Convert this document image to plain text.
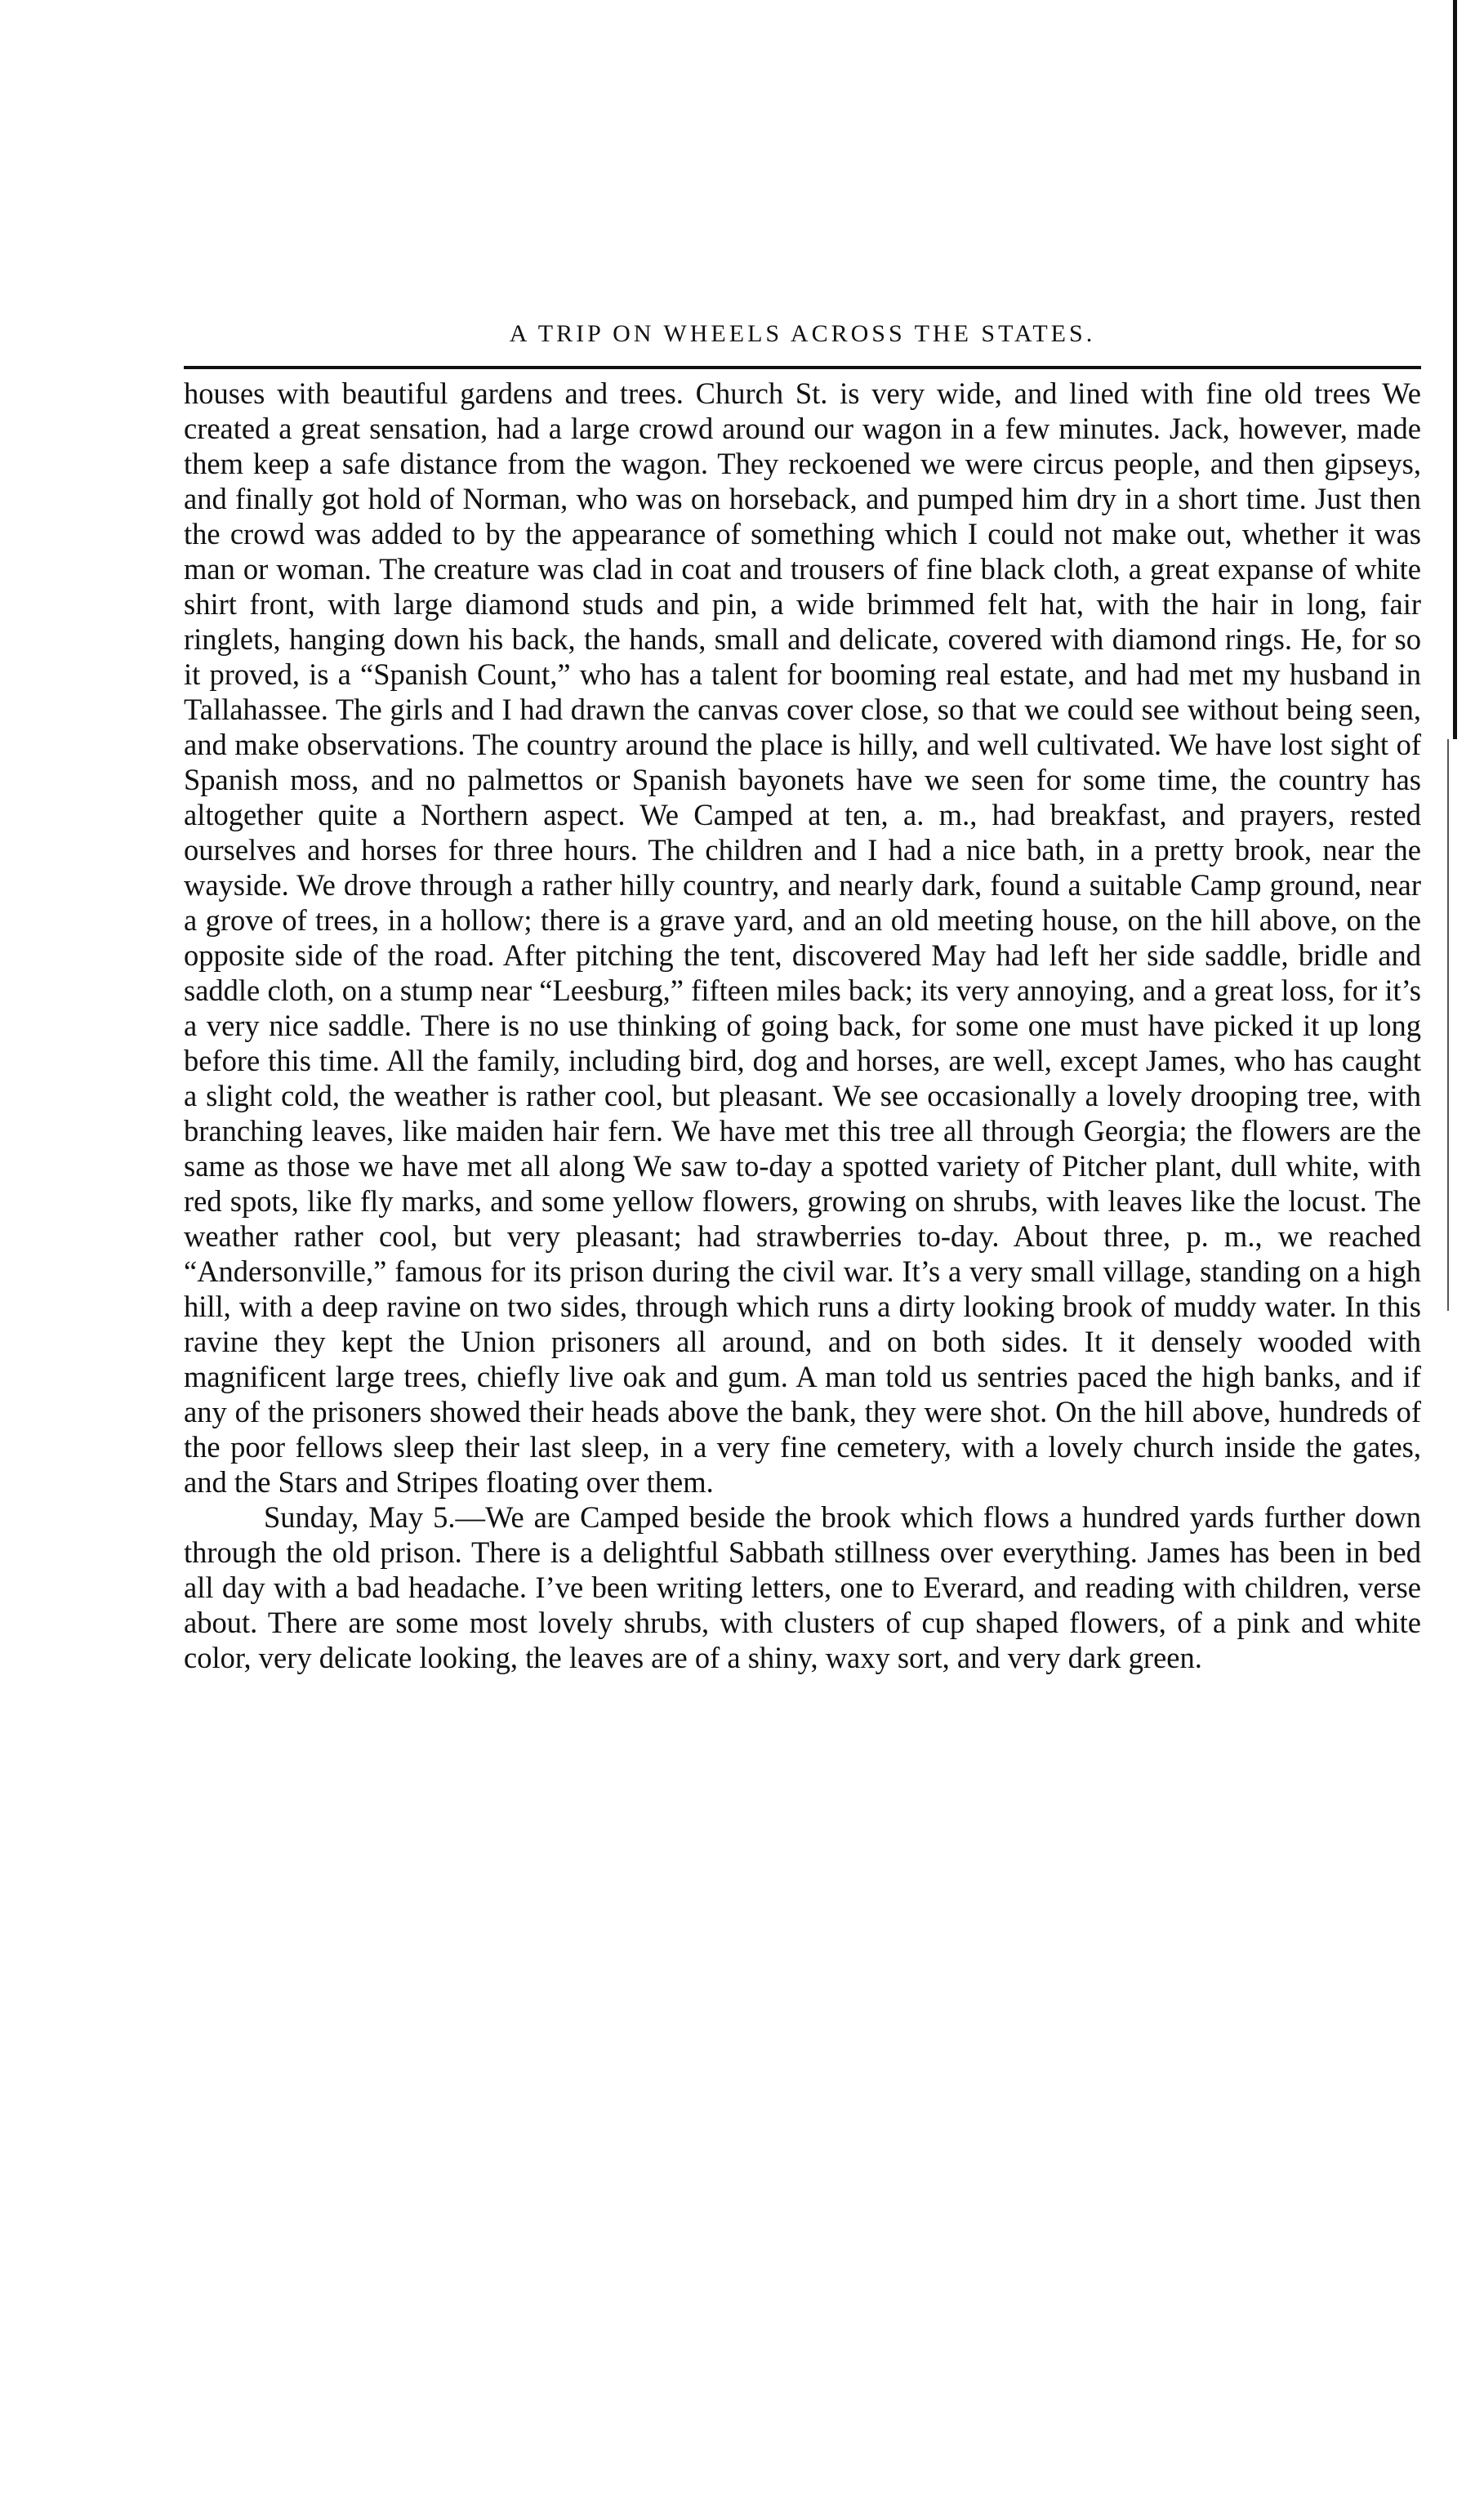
A TRIP ON WHEELS ACROSS THE STATES.

houses with beautiful gardens and trees. Church St. is very wide, and lined with fine old trees We created a great sensation, had a large crowd around our wagon in a few minutes. Jack, however, made them keep a safe distance from the wagon. They reckoened we were circus people, and then gipseys, and finally got hold of Norman, who was on horseback, and pumped him dry in a short time. Just then the crowd was added to by the appearance of something which I could not make out, whether it was man or woman. The creature was clad in coat and trousers of fine black cloth, a great expanse of white shirt front, with large diamond studs and pin, a wide brimmed felt hat, with the hair in long, fair ringlets, hanging down his back, the hands, small and delicate, covered with diamond rings. He, for so it proved, is a “Spanish Count,” who has a talent for booming real estate, and had met my husband in Tallahassee. The girls and I had drawn the canvas cover close, so that we could see without being seen, and make observations. The country around the place is hilly, and well cultivated. We have lost sight of Spanish moss, and no palmettos or Spanish bayonets have we seen for some time, the country has altogether quite a Northern aspect. We Camped at ten, a. m., had breakfast, and prayers, rested ourselves and horses for three hours. The children and I had a nice bath, in a pretty brook, near the wayside. We drove through a rather hilly country, and nearly dark, found a suitable Camp ground, near a grove of trees, in a hollow; there is a grave yard, and an old meeting house, on the hill above, on the opposite side of the road. After pitching the tent, discovered May had left her side saddle, bridle and saddle cloth, on a stump near “Leesburg,” fifteen miles back; its very annoying, and a great loss, for it’s a very nice saddle. There is no use thinking of going back, for some one must have picked it up long before this time. All the family, including bird, dog and horses, are well, except James, who has caught a slight cold, the weather is rather cool, but pleasant. We see occasionally a lovely drooping tree, with branching leaves, like maiden hair fern. We have met this tree all through Georgia; the flowers are the same as those we have met all along We saw to-day a spotted variety of Pitcher plant, dull white, with red spots, like fly marks, and some yellow flowers, growing on shrubs, with leaves like the locust. The weather rather cool, but very pleasant; had strawberries to-day. About three, p. m., we reached “Andersonville,” famous for its prison during the civil war. It’s a very small village, standing on a high hill, with a deep ravine on two sides, through which runs a dirty looking brook of muddy water. In this ravine they kept the Union prisoners all around, and on both sides. It it densely wooded with magnificent large trees, chiefly live oak and gum. A man told us sentries paced the high banks, and if any of the prisoners showed their heads above the bank, they were shot. On the hill above, hundreds of the poor fellows sleep their last sleep, in a very fine cemetery, with a lovely church inside the gates, and the Stars and Stripes floating over them.

Sunday, May 5.—We are Camped beside the brook which flows a hundred yards further down through the old prison. There is a delightful Sabbath stillness over everything. James has been in bed all day with a bad headache. I’ve been writing letters, one to Everard, and reading with children, verse about. There are some most lovely shrubs, with clusters of cup shaped flowers, of a pink and white color, very delicate looking, the leaves are of a shiny, waxy sort, and very dark green.
